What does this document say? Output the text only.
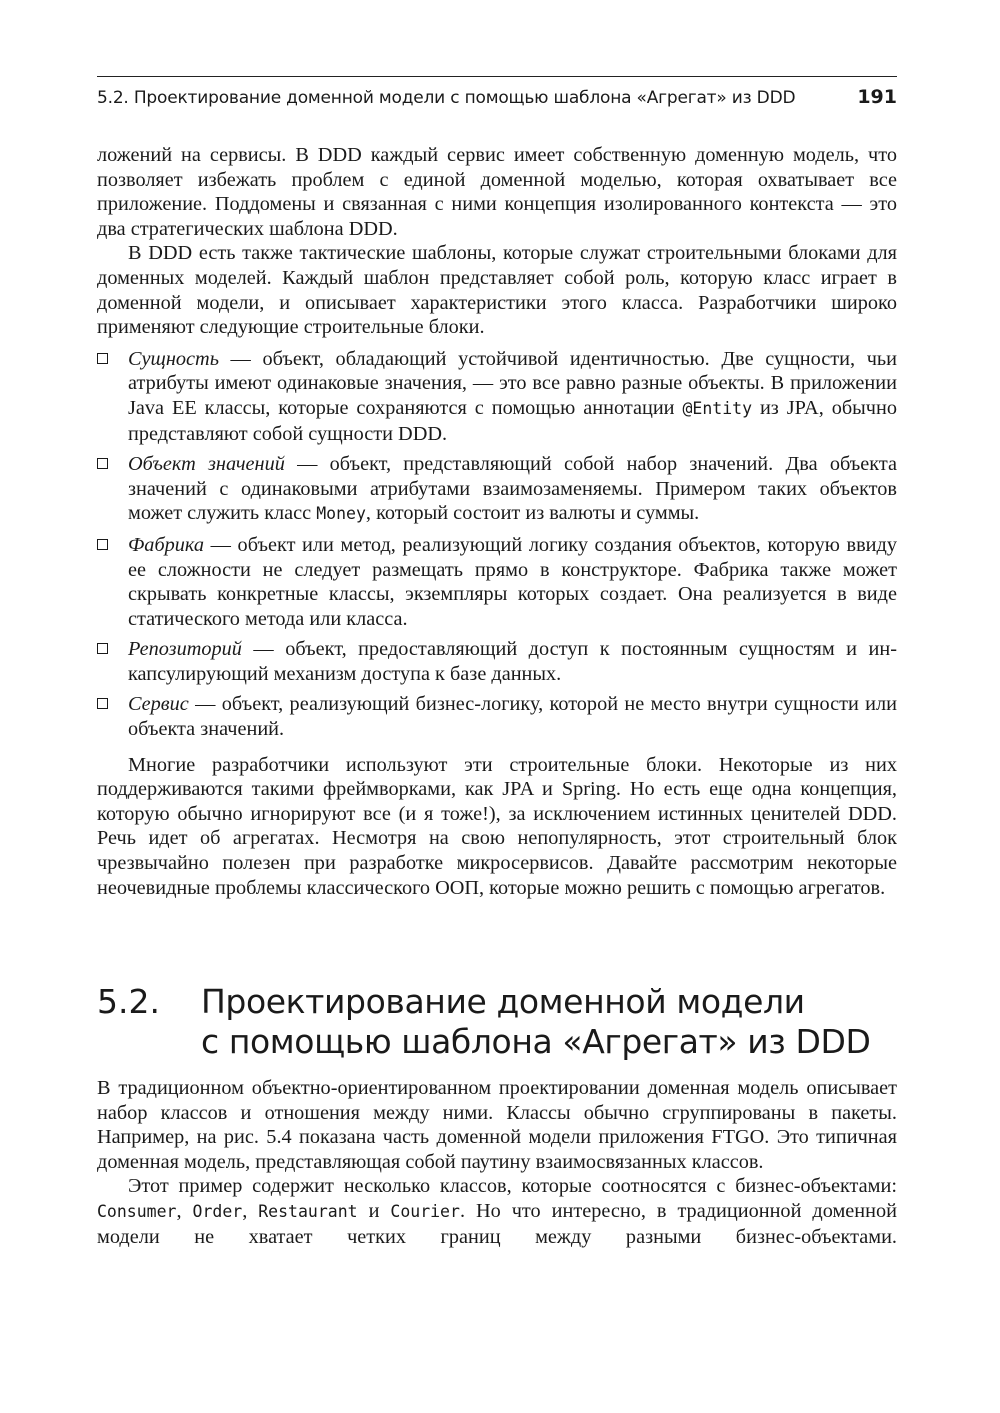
5.2. Проектирование доменной модели с помощью шаблона «Агрегат» из DDD	191

ложений на сервисы. В DDD каждый сервис имеет собственную доменную модель, что позволяет избежать проблем с единой доменной моделью, которая охватывает все приложение. Поддомены и связанная с ними концепция изолированного контекста — это два стратегических шаблона DDD.

В DDD есть также тактические шаблоны, которые служат строительными блоками для доменных моделей. Каждый шаблон представляет собой роль, которую класс играет в доменной модели, и описывает характеристики этого класса. Разработчики широко применяют следующие строительные блоки.

Сущность — объект, обладающий устойчивой идентичностью. Две сущности, чьи атрибуты имеют одинаковые значения, — это все равно разные объекты. В приложении Java EE классы, которые сохраняются с помощью аннотации @Entity из JPA, обычно представляют собой сущности DDD.
Объект значений — объект, представляющий собой набор значений. Два объекта значений с одинаковыми атрибутами взаимозаменяемы. Примером таких объектов может служить класс Money, который состоит из валюты и суммы.
Фабрика — объект или метод, реализующий логику создания объектов, которую ввиду ее сложности не следует размещать прямо в конструкторе. Фабрика также может скрывать конкретные классы, экземпляры которых создает. Она реализуется в виде статического метода или класса.
Репозиторий — объект, предоставляющий доступ к постоянным сущностям и инкапсулирующий механизм доступа к базе данных.
Сервис — объект, реализующий бизнес-логику, которой не место внутри сущности или объекта значений.

Многие разработчики используют эти строительные блоки. Некоторые из них поддерживаются такими фреймворками, как JPA и Spring. Но есть еще одна концепция, которую обычно игнорируют все (и я тоже!), за исключением истинных ценителей DDD. Речь идет об агрегатах. Несмотря на свою непопулярность, этот строительный блок чрезвычайно полезен при разработке микросервисов. Давайте рассмотрим некоторые неочевидные проблемы классического ООП, которые можно решить с помощью агрегатов.

5.2.	Проектирование доменной модели
с помощью шаблона «Агрегат» из DDD

В традиционном объектно-ориентированном проектировании доменная модель описывает набор классов и отношения между ними. Классы обычно сгруппированы в пакеты. Например, на рис. 5.4 показана часть доменной модели приложения FTGO. Это типичная доменная модель, представляющая собой паутину взаимосвязанных классов.

Этот пример содержит несколько классов, которые соотносятся с бизнес-объектами: Consumer, Order, Restaurant и Courier. Но что интересно, в традиционной доменной модели не хватает четких границ между разными бизнес-объектами.
